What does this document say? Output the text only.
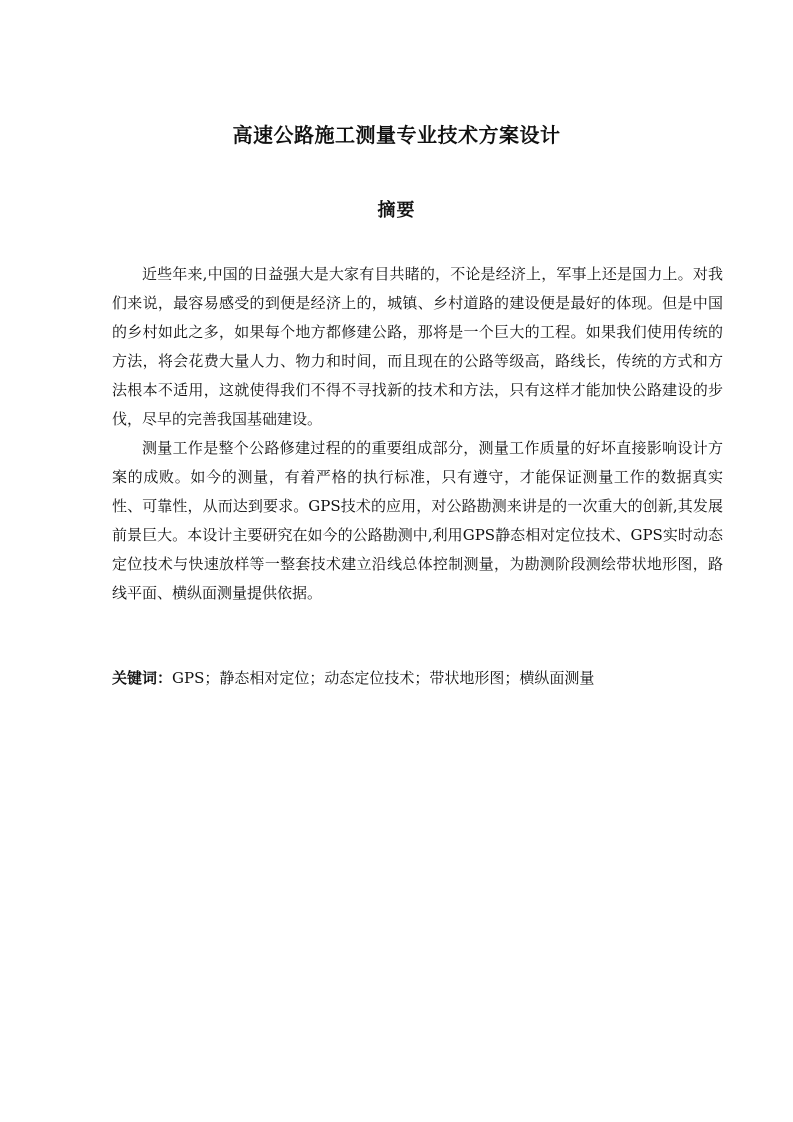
高速公路施工测量专业技术方案设计
摘要

近些年来,中国的日益强大是大家有目共睹的，不论是经济上，军事上还是国力上。对我们来说，最容易感受的到便是经济上的，城镇、乡村道路的建设便是最好的体现。但是中国的乡村如此之多，如果每个地方都修建公路，那将是一个巨大的工程。如果我们使用传统的方法，将会花费大量人力、物力和时间，而且现在的公路等级高，路线长，传统的方式和方法根本不适用，这就使得我们不得不寻找新的技术和方法，只有这样才能加快公路建设的步伐，尽早的完善我国基础建设。

测量工作是整个公路修建过程的的重要组成部分，测量工作质量的好坏直接影响设计方案的成败。如今的测量，有着严格的执行标准，只有遵守，才能保证测量工作的数据真实性、可靠性，从而达到要求。GPS技术的应用，对公路勘测来讲是的一次重大的创新,其发展前景巨大。本设计主要研究在如今的公路勘测中,利用GPS静态相对定位技术、GPS实时动态定位技术与快速放样等一整套技术建立沿线总体控制测量，为勘测阶段测绘带状地形图，路线平面、横纵面测量提供依据。

关键词：GPS；静态相对定位；动态定位技术；带状地形图；横纵面测量
